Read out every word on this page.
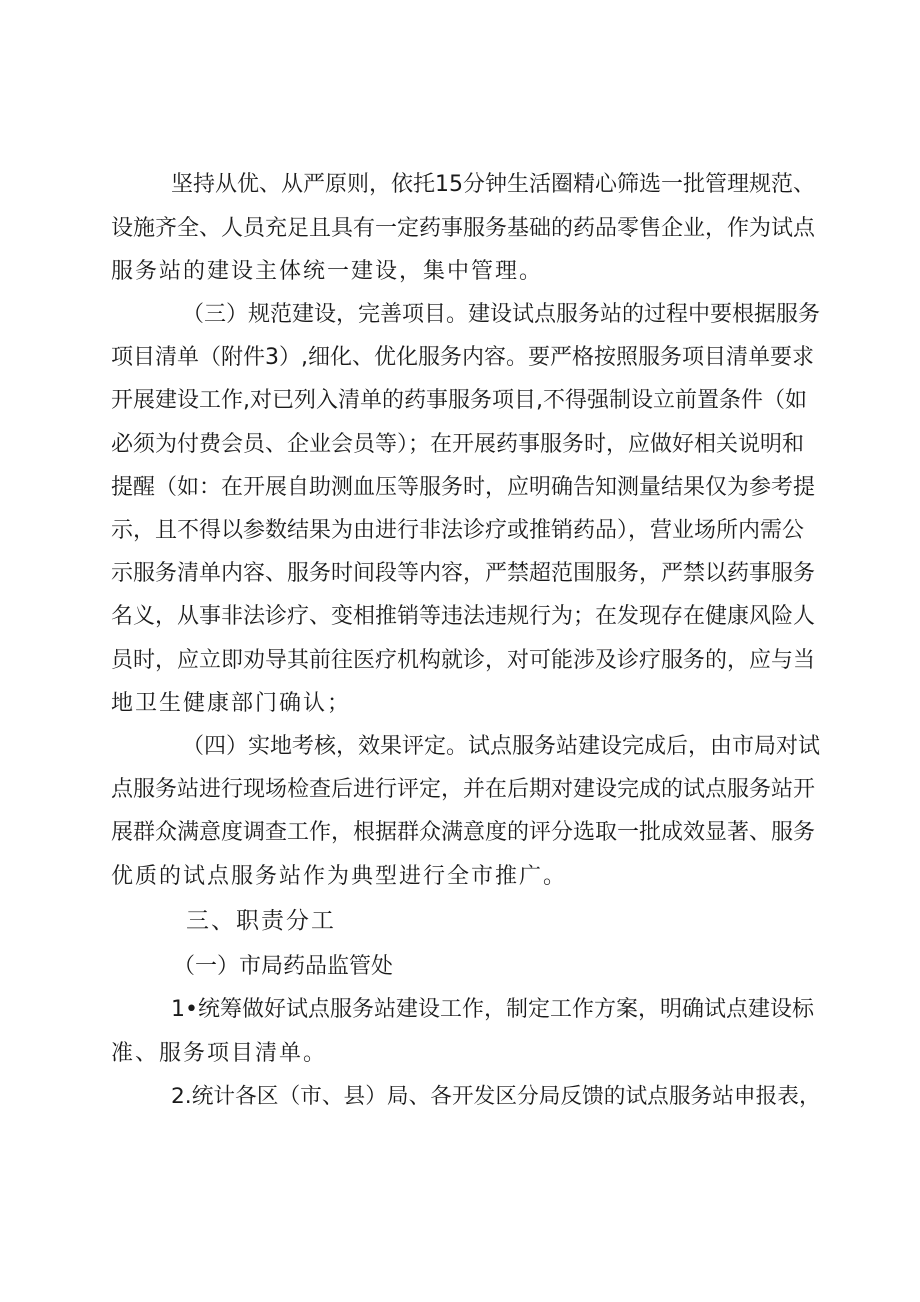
坚持从优、从严原则，依托15分钟生活圈精心筛选一批管理规范、
设施齐全、人员充足且具有一定药事服务基础的药品零售企业，作为试点
服务站的建设主体统一建设，集中管理。
（三）规范建设，完善项目。建设试点服务站的过程中要根据服务
项目清单（附件3）,细化、优化服务内容。要严格按照服务项目清单要求
开展建设工作,对已列入清单的药事服务项目,不得强制设立前置条件（如
必须为付费会员、企业会员等）；在开展药事服务时，应做好相关说明和
提醒（如：在开展自助测血压等服务时，应明确告知测量结果仅为参考提
示，且不得以参数结果为由进行非法诊疗或推销药品），营业场所内需公
示服务清单内容、服务时间段等内容，严禁超范围服务，严禁以药事服务
名义，从事非法诊疗、变相推销等违法违规行为；在发现存在健康风险人
员时，应立即劝导其前往医疗机构就诊，对可能涉及诊疗服务的，应与当
地卫生健康部门确认；
（四）实地考核，效果评定。试点服务站建设完成后，由市局对试
点服务站进行现场检查后进行评定，并在后期对建设完成的试点服务站开
展群众满意度调查工作，根据群众满意度的评分选取一批成效显著、服务
优质的试点服务站作为典型进行全市推广。
三、职责分工
（一）市局药品监管处
1•统筹做好试点服务站建设工作，制定工作方案，明确试点建设标
准、服务项目清单。
2.统计各区（市、县）局、各开发区分局反馈的试点服务站申报表，
